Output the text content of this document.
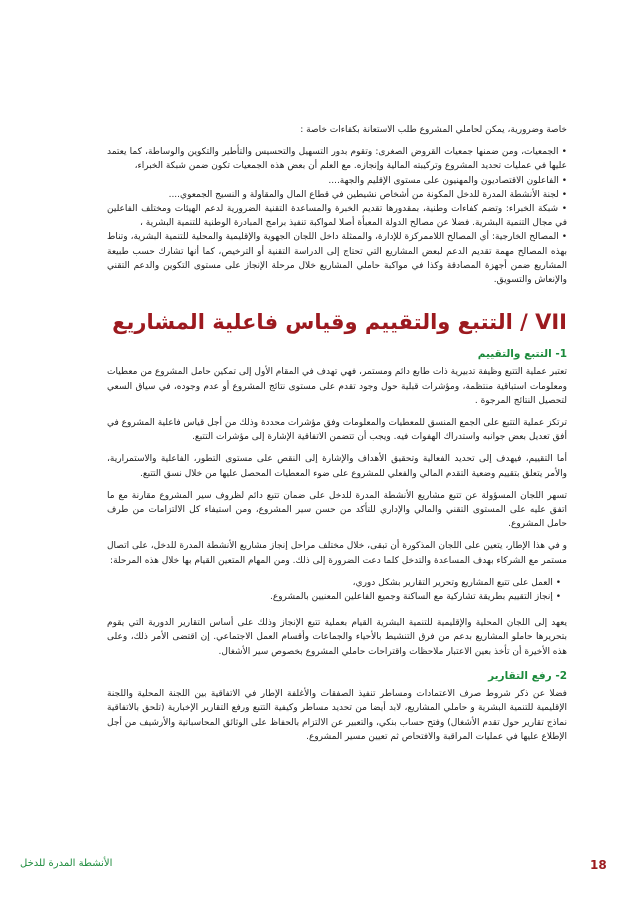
خاصة وضرورية، يمكن لحاملي المشروع طلب الاستعانة بكفاءات خاصة :

• الجمعيات، ومن ضمنها جمعيات القروض الصغرى: وتقوم بدور التسهيل والتحسيس والتأطير والتكوين والوساطة، كما يعتمد عليها في عمليات تحديد المشروع وتركيبته المالية وإنجازه. مع العلم أن بعض هذه الجمعيات تكون ضمن شبكة الخبراء،
• الفاعلون الاقتصاديون والمهنيون على مستوى الإقليم والجهة....
• لجنة الأنشطة المدرة للدخل المكونة من أشخاص نشيطين في قطاع المال والمقاولة و النسيج الجمعوي....
• شبكة الخبراء: وتضم كفاءات وطنية، بمقدورها تقديم الخبرة والمساعدة التقنية الضرورية لدعم الهيئات ومختلف الفاعلين في مجال التنمية البشرية. فضلا عن مصالح الدولة المعبأة أصلا لمواكبة تنفيذ برامج المبادرة الوطنية للتنمية البشرية ،
• المصالح الخارجية: أي المصالح اللاممركزة للإدارة، والممثلة داخل اللجان الجهوية والإقليمية والمحلية للتنمية البشرية، وتناط بهذه المصالح مهمة تقديم الدعم لبعض المشاريع التي تحتاج إلى الدراسة التقنية أو الترخيص، كما أنها تشارك حسب طبيعة المشاريع ضمن أجهزة المصادقة وكذا في مواكبة حاملي المشاريع خلال مرحلة الإنجاز على مستوى التكوين والدعم التقني والإنعاش والتسويق.
VII / التتبع والتقييم وقياس فاعلية المشاريع
1- التتبع والتقييم

تعتبر عملية التتبع وظيفة تدبيرية ذات طابع دائم ومستمر، فهي تهدف في المقام الأول إلى تمكين حامل المشروع من معطيات ومعلومات استباقية منتظمة، ومؤشرات قبلية حول وجود تقدم على مستوى نتائج المشروع أو عدم وجوده، في سياق السعي لتحصيل النتائج المرجوة .

ترتكز عملية التتبع على الجمع المنسق للمعطيات والمعلومات وفق مؤشرات محددة وذلك من أجل قياس فاعلية المشروع في أفق تعديل بعض جوانبه واستدراك الهفوات فيه. ويجب أن تتضمن الاتفاقية الإشارة إلى مؤشرات التتبع.

أما التقييم، فيهدف إلى تحديد الفعالية وتحقيق الأهداف والإشارة إلى النقص على مستوى التطور، الفاعلية والاستمرارية، والأمر يتعلق بتقييم وضعية التقدم المالي والفعلي للمشروع على ضوء المعطيات المحصل عليها من خلال نسق التتبع.

تسهر اللجان المسؤولة عن تتبع مشاريع الأنشطة المدرة للدخل على ضمان تتبع دائم لظروف سير المشروع مقارنة مع ما اتفق عليه على المستوى التقني والمالي والإداري للتأكد من حسن سير المشروع، ومن استيفاء كل الالتزامات من طرف حامل المشروع.

و في هذا الإطار، يتعين على اللجان المذكورة أن تبقى، خلال مختلف مراحل إنجاز مشاريع الأنشطة المدرة للدخل، على اتصال مستمر مع الشركاء بهدف المساعدة والتدخل كلما دعت الضرورة إلى ذلك. ومن المهام المتعين القيام بها خلال هذه المرحلة:

• العمل على تتبع المشاريع وتحرير التقارير بشكل دوري،
• إنجاز التقييم بطريقة تشاركية مع الساكنة وجميع الفاعلين المعنيين بالمشروع.

يعهد إلى اللجان المحلية والإقليمية للتنمية البشرية القيام بعملية تتبع الإنجاز وذلك على أساس التقارير الدورية التي يقوم بتحريرها حاملو المشاريع بدعم من فرق التنشيط بالأحياء والجماعات وأقسام العمل الاجتماعي. إن اقتضى الأمر ذلك، وعلى هذه الأخيرة أن تأخذ بعين الاعتبار ملاحظات واقتراحات حاملي المشروع بخصوص سير الأشغال.

2- رفع التقارير

فضلا عن ذكر شروط صرف الاعتمادات ومساطر تنفيذ الصفقات والأغلفة الإطار في الاتفاقية بين اللجنة المحلية واللجنة الإقليمية للتنمية البشرية و حاملي المشاريع، لابد أيضا من تحديد مساطر وكيفية التتبع ورفع التقارير الإخبارية (تلحق بالاتفاقية نماذج تقارير حول تقدم الأشغال) وفتح حساب بنكي، والتعبير عن الالتزام بالحفاظ على الوثائق المحاسباتية والأرشيف من أجل الإطلاع عليها في عمليات المراقبة والافتحاص ثم تعيين مسير المشروع.

18
الأنشطة المدرة للدخل
